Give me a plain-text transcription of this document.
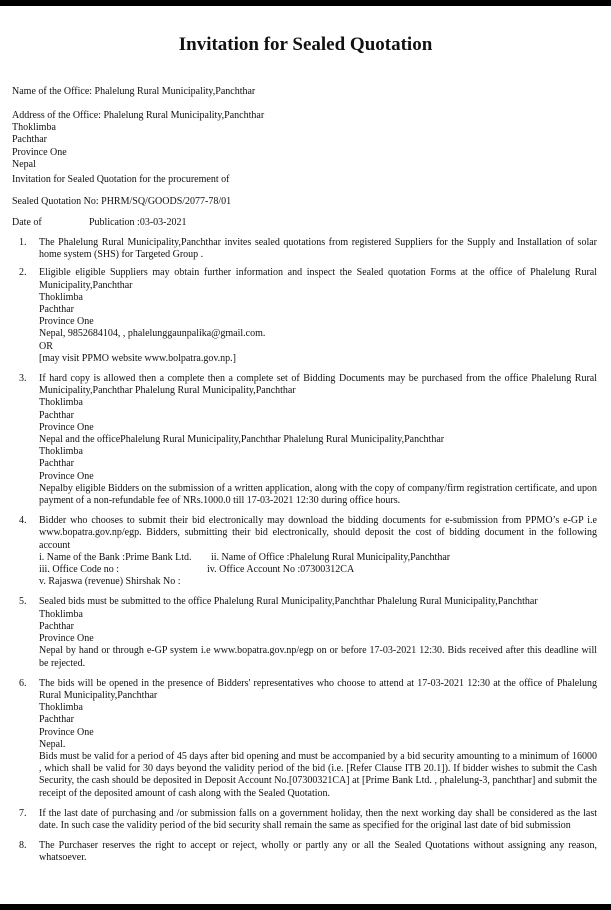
Invitation for Sealed Quotation
Name of the Office: Phalelung Rural Municipality,Panchthar
Address of the Office: Phalelung Rural Municipality,Panchthar
Thoklimba
Pachthar
Province One
Nepal
Invitation for Sealed Quotation for the procurement of
Sealed Quotation No: PHRM/SQ/GOODS/2077-78/01
Date of	Publication :03-03-2021
1. The Phalelung Rural Municipality,Panchthar invites sealed quotations from registered Suppliers for the Supply and Installation of solar home system (SHS) for Targeted Group .
2. Eligible eligible Suppliers may obtain further information and inspect the Sealed quotation Forms at the office of Phalelung Rural Municipality,Panchthar
Thoklimba
Pachthar
Province One
Nepal, 9852684104, , phalelunggaunpalika@gmail.com.
OR
[may visit PPMO website www.bolpatra.gov.np.]
3. If hard copy is allowed then a complete then a complete set of Bidding Documents may be purchased from the office Phalelung Rural Municipality,Panchthar Phalelung Rural Municipality,Panchthar
Thoklimba
Pachthar
Province One
Nepal and the officePhalelung Rural Municipality,Panchthar Phalelung Rural Municipality,Panchthar
Thoklimba
Pachthar
Province One
Nepalby eligible Bidders on the submission of a written application, along with the copy of company/firm registration certificate, and upon payment of a non-refundable fee of NRs.1000.0 till 17-03-2021 12:30 during office hours.
4. Bidder who chooses to submit their bid electronically may download the bidding documents for e-submission from PPMO’s e-GP i.e www.bopatra.gov.np/egp. Bidders, submitting their bid electronically, should deposit the cost of bidding document in the following account
i. Name of the Bank :Prime Bank Ltd. ii. Name of Office :Phalelung Rural Municipality,Panchthar
iii. Office Code no :	iv. Office Account No :07300312CA
v. Rajaswa (revenue) Shirshak No :
5. Sealed bids must be submitted to the office Phalelung Rural Municipality,Panchthar Phalelung Rural Municipality,Panchthar
Thoklimba
Pachthar
Province One
Nepal by hand or through e-GP system i.e www.bopatra.gov.np/egp on or before 17-03-2021 12:30. Bids received after this deadline will be rejected.
6. The bids will be opened in the presence of Bidders' representatives who choose to attend at 17-03-2021 12:30 at the office of Phalelung Rural Municipality,Panchthar
Thoklimba
Pachthar
Province One
Nepal.
Bids must be valid for a period of 45 days after bid opening and must be accompanied by a bid security amounting to a minimum of 16000 , which shall be valid for 30 days beyond the validity period of the bid (i.e. [Refer Clause ITB 20.1]). If bidder wishes to submit the Cash Security, the cash should be deposited in Deposit Account No.[07300321CA] at [Prime Bank Ltd. , phalelung-3, panchthar] and submit the receipt of the deposited amount of cash along with the Sealed Quotation.
7. If the last date of purchasing and /or submission falls on a government holiday, then the next working day shall be considered as the last date. In such case the validity period of the bid security shall remain the same as specified for the original last date of bid submission
8. The Purchaser reserves the right to accept or reject, wholly or partly any or all the Sealed Quotations without assigning any reason, whatsoever.
